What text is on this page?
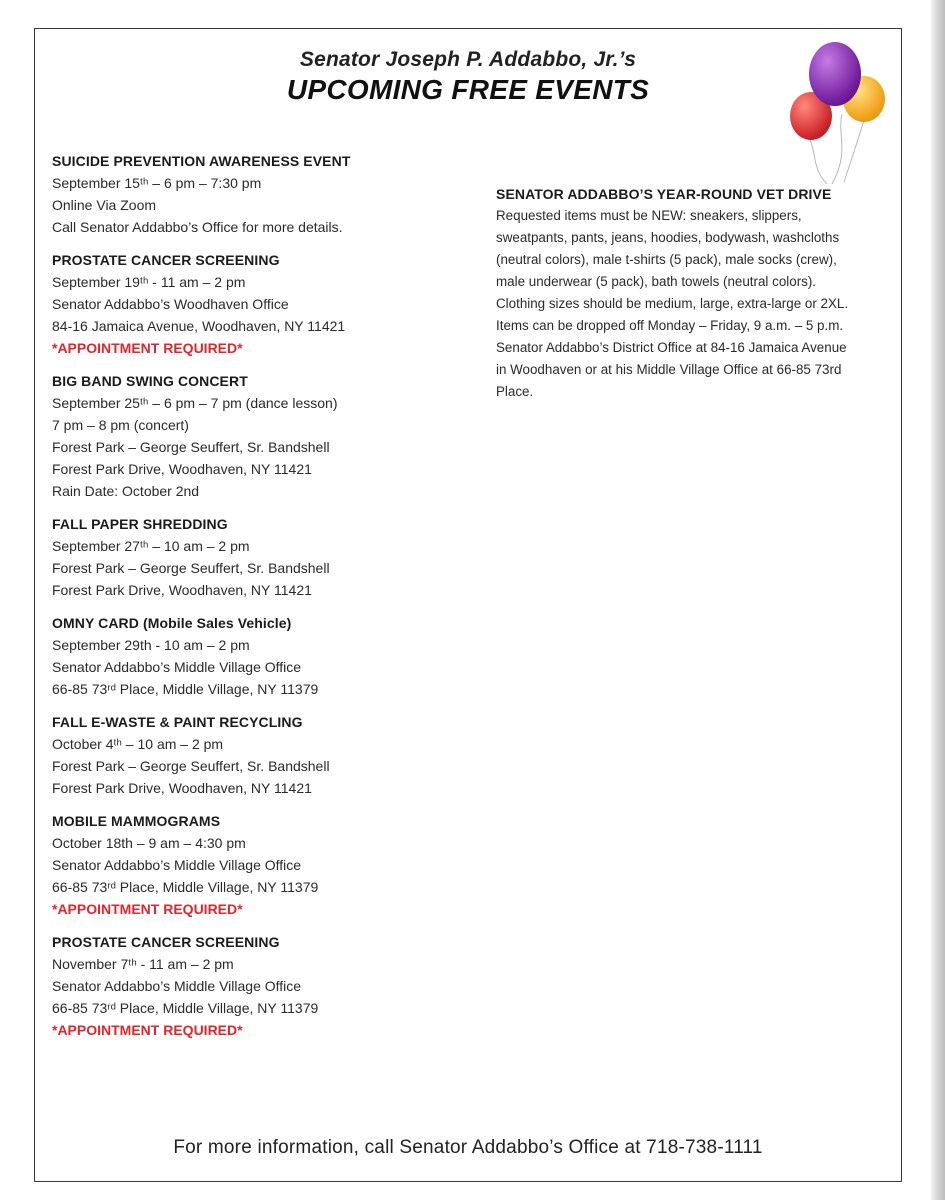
Senator Joseph P. Addabbo, Jr.’s
UPCOMING FREE EVENTS
SUICIDE PREVENTION AWARENESS EVENT
September 15ᵗʰ – 6 pm – 7:30 pm
Online Via Zoom
Call Senator Addabbo’s Office for more details.
PROSTATE CANCER SCREENING
September 19ᵗʰ - 11 am – 2 pm
Senator Addabbo’s Woodhaven Office
84-16 Jamaica Avenue, Woodhaven, NY 11421
*APPOINTMENT REQUIRED*
BIG BAND SWING CONCERT
September 25ᵗʰ – 6 pm – 7 pm (dance lesson)
7 pm – 8 pm (concert)
Forest Park – George Seuffert, Sr. Bandshell
Forest Park Drive, Woodhaven, NY 11421
Rain Date: October 2nd
FALL PAPER SHREDDING
September 27ᵗʰ – 10 am – 2 pm
Forest Park – George Seuffert, Sr. Bandshell
Forest Park Drive, Woodhaven, NY 11421
OMNY CARD (Mobile Sales Vehicle)
September 29th - 10 am – 2 pm
Senator Addabbo’s Middle Village Office
66-85 73ʳᵈ Place, Middle Village, NY 11379
FALL E-WASTE & PAINT RECYCLING
October 4ᵗʰ – 10 am – 2 pm
Forest Park – George Seuffert, Sr. Bandshell
Forest Park Drive, Woodhaven, NY 11421
MOBILE MAMMOGRAMS
October 18th – 9 am – 4:30 pm
Senator Addabbo’s Middle Village Office
66-85 73ʳᵈ Place, Middle Village, NY 11379
*APPOINTMENT REQUIRED*
PROSTATE CANCER SCREENING
November 7ᵗʰ - 11 am – 2 pm
Senator Addabbo’s Middle Village Office
66-85 73ʳᵈ Place, Middle Village, NY 11379
*APPOINTMENT REQUIRED*
SENATOR ADDABBO’S YEAR-ROUND VET DRIVE
Requested items must be NEW: sneakers, slippers,
sweatpants, pants, jeans, hoodies, bodywash, washcloths
(neutral colors), male t-shirts (5 pack), male socks (crew),
male underwear (5 pack), bath towels (neutral colors).
Clothing sizes should be medium, large, extra-large or 2XL.
Items can be dropped off Monday – Friday, 9 a.m. – 5 p.m.
Senator Addabbo’s District Office at 84-16 Jamaica Avenue
in Woodhaven or at his Middle Village Office at 66-85 73rd
Place.
For more information, call Senator Addabbo’s Office at 718-738-1111
